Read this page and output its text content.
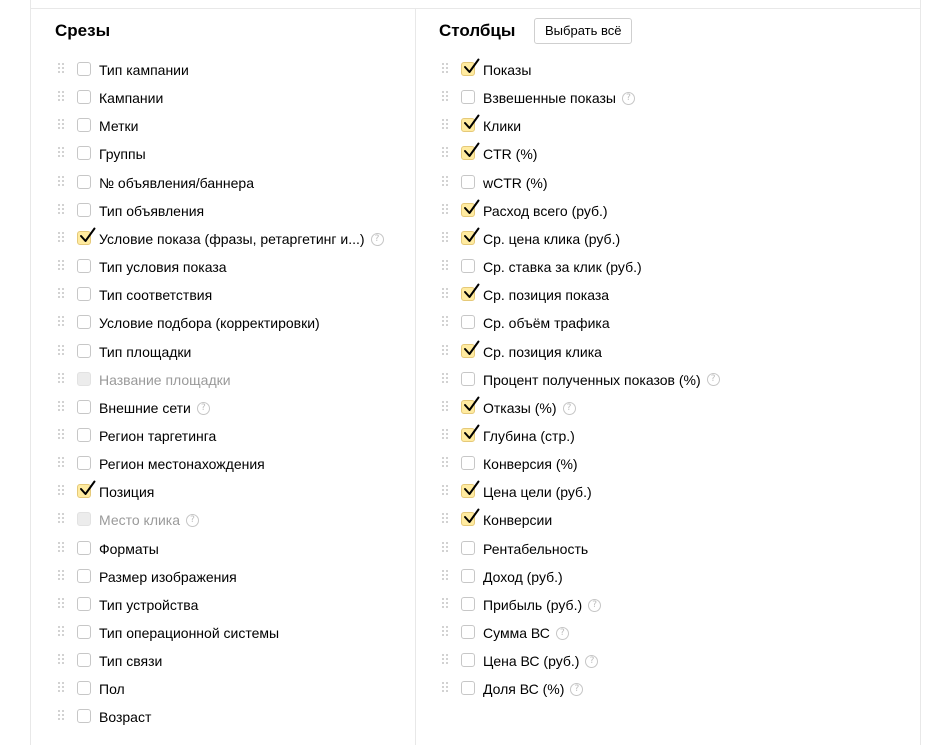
Срезы
Тип кампании
Кампании
Метки
Группы
№ объявления/баннера
Тип объявления
Условие показа (фразы, ретаргетинг и...) ?
Тип условия показа
Тип соответствия
Условие подбора (корректировки)
Тип площадки
Название площадки
Внешние сети ?
Регион таргетинга
Регион местонахождения
Позиция
Место клика ?
Форматы
Размер изображения
Тип устройства
Тип операционной системы
Тип связи
Пол
Возраст
Столбцы	Выбрать всё
Показы
Взвешенные показы ?
Клики
CTR (%)
wCTR (%)
Расход всего (руб.)
Ср. цена клика (руб.)
Ср. ставка за клик (руб.)
Ср. позиция показа
Ср. объём трафика
Ср. позиция клика
Процент полученных показов (%) ?
Отказы (%) ?
Глубина (стр.)
Конверсия (%)
Цена цели (руб.)
Конверсии
Рентабельность
Доход (руб.)
Прибыль (руб.) ?
Сумма ВС ?
Цена ВС (руб.) ?
Доля ВС (%) ?
